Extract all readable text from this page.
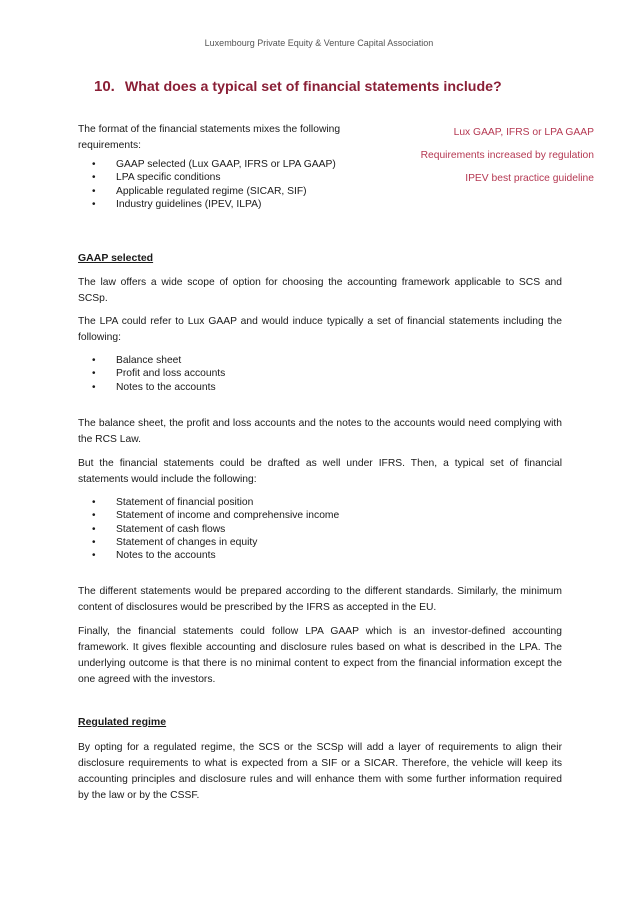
Luxembourg Private Equity & Venture Capital Association
10. What does a typical set of financial statements include?
The format of the financial statements mixes the following requirements:
• GAAP selected (Lux GAAP, IFRS or LPA GAAP)
• LPA specific conditions
• Applicable regulated regime (SICAR, SIF)
• Industry guidelines (IPEV, ILPA)
Lux GAAP, IFRS or LPA GAAP
Requirements increased by regulation
IPEV best practice guideline
GAAP selected
The law offers a wide scope of option for choosing the accounting framework applicable to SCS and SCSp.
The LPA could refer to Lux GAAP and would induce typically a set of financial statements including the following:
• Balance sheet
• Profit and loss accounts
• Notes to the accounts
The balance sheet, the profit and loss accounts and the notes to the accounts would need complying with the RCS Law.
But the financial statements could be drafted as well under IFRS. Then, a typical set of financial statements would include the following:
• Statement of financial position
• Statement of income and comprehensive income
• Statement of cash flows
• Statement of changes in equity
• Notes to the accounts
The different statements would be prepared according to the different standards. Similarly, the minimum content of disclosures would be prescribed by the IFRS as accepted in the EU.
Finally, the financial statements could follow LPA GAAP which is an investor-defined accounting framework. It gives flexible accounting and disclosure rules based on what is described in the LPA. The underlying outcome is that there is no minimal content to expect from the financial information except the one agreed with the investors.
Regulated regime
By opting for a regulated regime, the SCS or the SCSp will add a layer of requirements to align their disclosure requirements to what is expected from a SIF or a SICAR. Therefore, the vehicle will keep its accounting principles and disclosure rules and will enhance them with some further information required by the law or by the CSSF.
